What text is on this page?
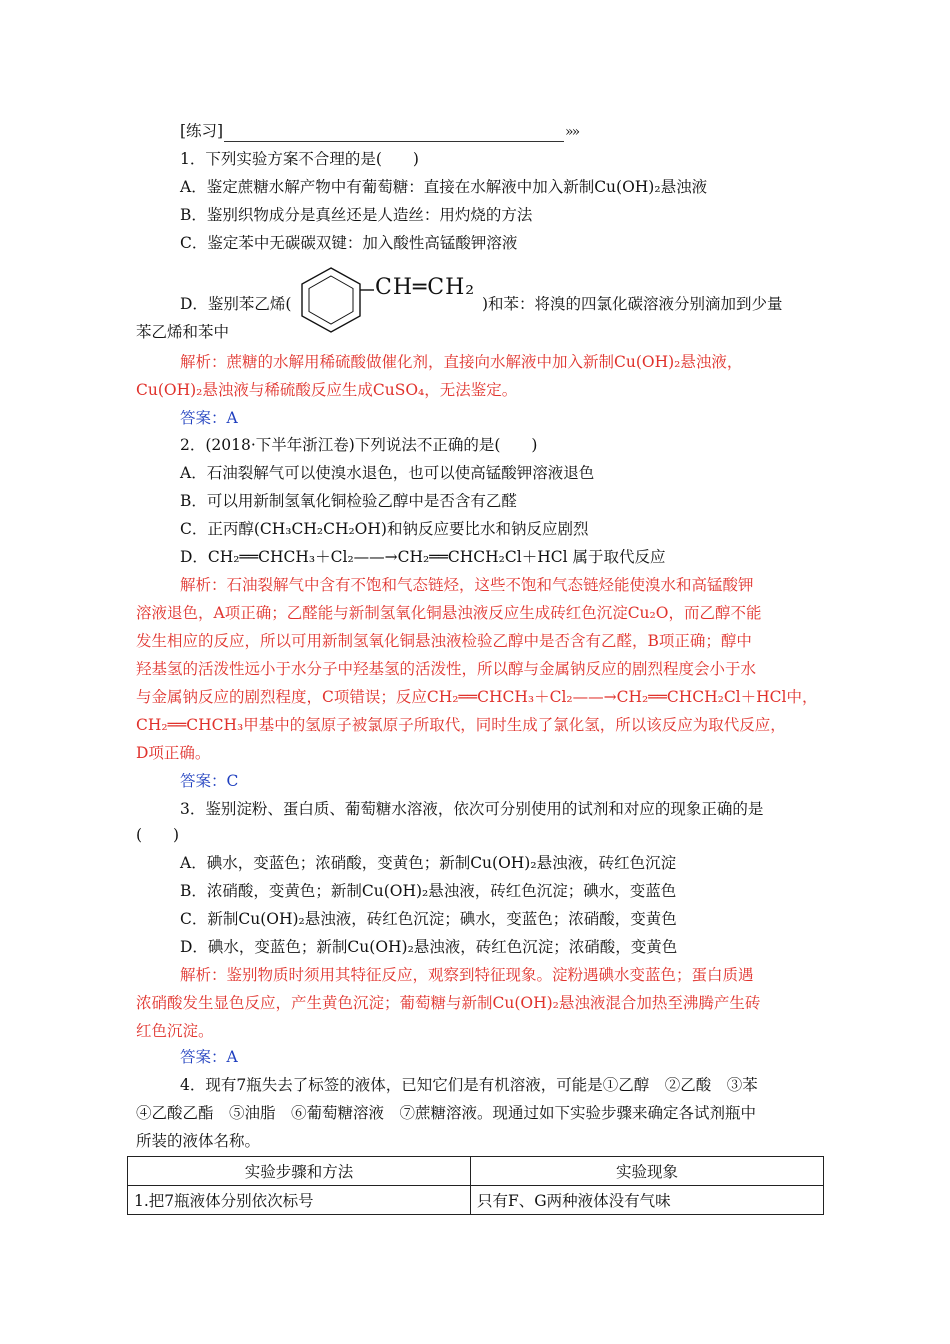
[练习]	»»
1．下列实验方案不合理的是(　　)
A．鉴定蔗糖水解产物中有葡萄糖：直接在水解液中加入新制Cu(OH)₂悬浊液
B．鉴别织物成分是真丝还是人造丝：用灼烧的方法
C．鉴定苯中无碳碳双键：加入酸性高锰酸钾溶液
D．鉴别苯乙烯(
CH═CH₂
)和苯：将溴的四氯化碳溶液分别滴加到少量
苯乙烯和苯中
解析：蔗糖的水解用稀硫酸做催化剂，直接向水解液中加入新制Cu(OH)₂悬浊液，
Cu(OH)₂悬浊液与稀硫酸反应生成CuSO₄，无法鉴定。
答案：A
2．(2018·下半年浙江卷)下列说法不正确的是(　　)
A．石油裂解气可以使溴水退色，也可以使高锰酸钾溶液退色
B．可以用新制氢氧化铜检验乙醇中是否含有乙醛
C．正丙醇(CH₃CH₂CH₂OH)和钠反应要比水和钠反应剧烈
D．CH₂══CHCH₃＋Cl₂——→CH₂══CHCH₂Cl＋HCl 属于取代反应
解析：石油裂解气中含有不饱和气态链烃，这些不饱和气态链烃能使溴水和高锰酸钾
溶液退色，A项正确；乙醛能与新制氢氧化铜悬浊液反应生成砖红色沉淀Cu₂O，而乙醇不能
发生相应的反应，所以可用新制氢氧化铜悬浊液检验乙醇中是否含有乙醛，B项正确；醇中
羟基氢的活泼性远小于水分子中羟基氢的活泼性，所以醇与金属钠反应的剧烈程度会小于水
与金属钠反应的剧烈程度，C项错误；反应CH₂══CHCH₃＋Cl₂——→CH₂══CHCH₂Cl＋HCl中，
CH₂══CHCH₃甲基中的氢原子被氯原子所取代，同时生成了氯化氢，所以该反应为取代反应，
D项正确。
答案：C
3．鉴别淀粉、蛋白质、葡萄糖水溶液，依次可分别使用的试剂和对应的现象正确的是
(　　)
A．碘水，变蓝色；浓硝酸，变黄色；新制Cu(OH)₂悬浊液，砖红色沉淀
B．浓硝酸，变黄色；新制Cu(OH)₂悬浊液，砖红色沉淀；碘水，变蓝色
C．新制Cu(OH)₂悬浊液，砖红色沉淀；碘水，变蓝色；浓硝酸，变黄色
D．碘水，变蓝色；新制Cu(OH)₂悬浊液，砖红色沉淀；浓硝酸，变黄色
解析：鉴别物质时须用其特征反应，观察到特征现象。淀粉遇碘水变蓝色；蛋白质遇
浓硝酸发生显色反应，产生黄色沉淀；葡萄糖与新制Cu(OH)₂悬浊液混合加热至沸腾产生砖
红色沉淀。
答案：A
4．现有7瓶失去了标签的液体，已知它们是有机溶液，可能是①乙醇　②乙酸　③苯
④乙酸乙酯　⑤油脂　⑥葡萄糖溶液　⑦蔗糖溶液。现通过如下实验步骤来确定各试剂瓶中
所装的液体名称。
实验步骤和方法	实验现象
1.把7瓶液体分别依次标号	只有F、G两种液体没有气味
